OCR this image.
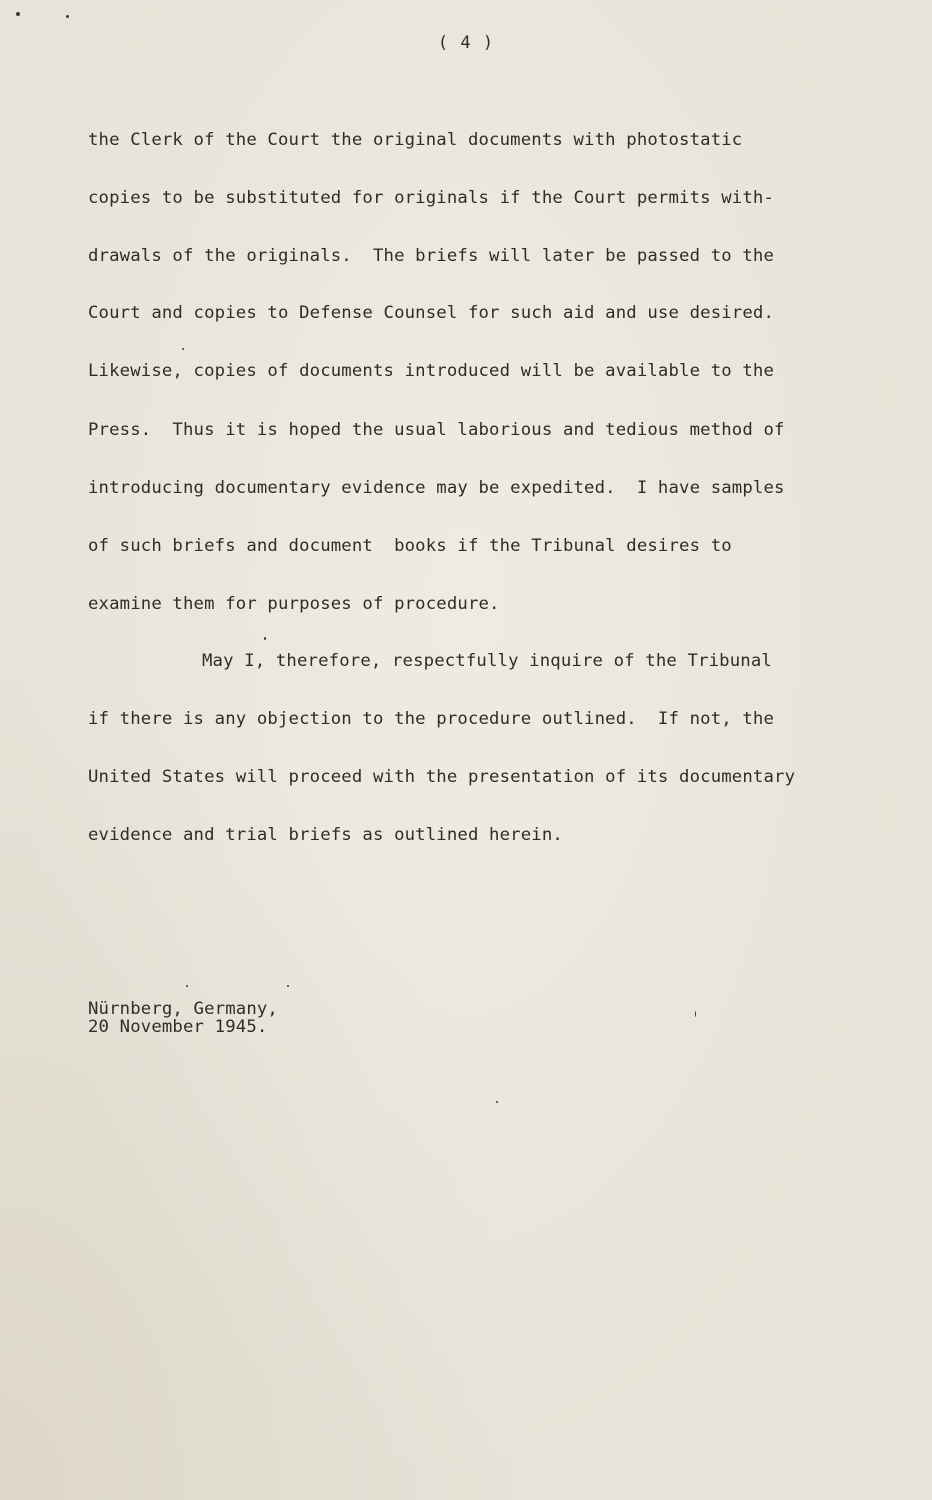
( 4 )

the Clerk of the Court the original documents with photostatic

copies to be substituted for originals if the Court permits with-

drawals of the originals.  The briefs will later be passed to the

Court and copies to Defense Counsel for such aid and use desired.

Likewise, copies of documents introduced will be available to the

Press.  Thus it is hoped the usual laborious and tedious method of

introducing documentary evidence may be expedited.  I have samples

of such briefs and document  books if the Tribunal desires to

examine them for purposes of procedure.

May I, therefore, respectfully inquire of the Tribunal

if there is any objection to the procedure outlined.  If not, the

United States will proceed with the presentation of its documentary

evidence and trial briefs as outlined herein.

Nürnberg, Germany,

20 November 1945.
